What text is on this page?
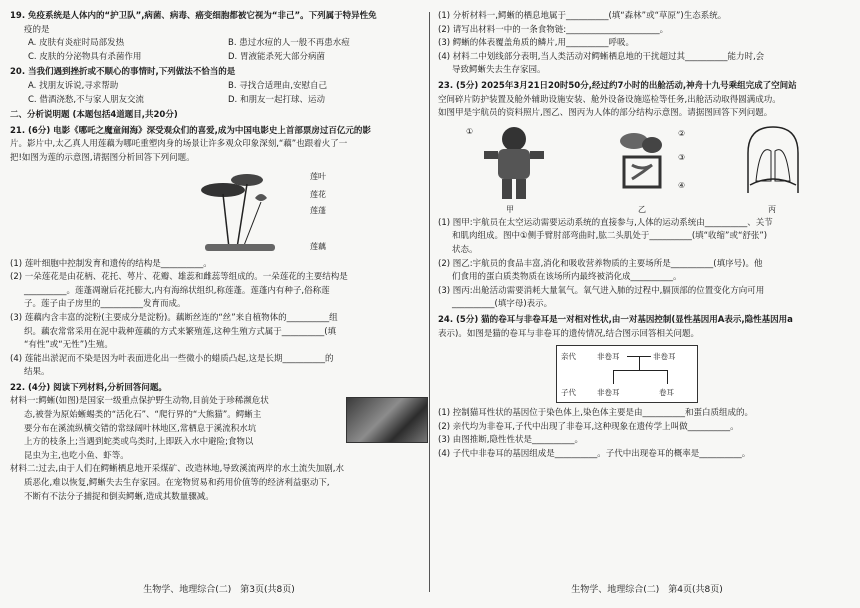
19. 免疫系统是人体内的“护卫队”,病菌、病毒、癌变细胞都被它视为“非己”。下列属于特异性免
疫的是
A. 皮肤有炎症时局部发热	B. 患过水痘的人一般不再患水痘
C. 皮肤的分泌物具有杀菌作用	D. 胃液能杀死大部分病菌
20. 当我们遇到挫折或不顺心的事情时,下列做法不恰当的是
A. 找朋友诉说,寻求帮助	B. 寻找合适理由,安慰自己
C. 借酒浇愁,不与家人朋友交流	D. 和朋友一起打球、运动
二、分析说明题 (本题包括4道题目,共20分)
21. (6分) 电影《哪吒之魔童闹海》深受观众们的喜爱,成为中国电影史上首部票房过百亿元的影
片。影片中,太乙真人用莲藕为哪吒重塑肉身的场景让许多观众印象深刻,“藕”也跟着火了一
把!如图为莲的示意图,请据图分析回答下列问题。
莲叶
莲花
莲蓬
莲藕
(1) 莲叶细胞中控制发育和遗传的结构是__________。
(2) 一朵莲花是由花柄、花托、萼片、花瓣、雄蕊和雌蕊等组成的。一朵莲花的主要结构是
__________。莲蓬凋谢后花托膨大,内有海绵状组织,称莲蓬。莲蓬内有种子,俗称莲
子。莲子由子房里的__________发育而成。
(3) 莲藕内含丰富的淀粉(主要成分是淀粉)。藕断丝连的“丝”来自植物体的__________组
织。藕农常常采用在泥中栽种莲藕的方式来繁殖莲,这种生殖方式属于__________(填
“有性”或“无性”)生殖。
(4) 莲能出淤泥而不染是因为叶表面进化出一些微小的蜡质凸起,这是长期__________的
结果。
22. (4分) 阅读下列材料,分析回答问题。
材料一:鳄蜥(如图)是国家一级重点保护野生动物,目前处于珍稀濒危状
态,被誉为原始蜥蜴类的“活化石”、“爬行界的“大熊猫”。鳄蜥主
要分布在溪流纵横交错的常绿阔叶林地区,常栖息于溪流积水坑
上方的枝条上;当遇到蛇类或鸟类时,上即跃入水中避险;食物以
昆虫为主,也吃小鱼、虾等。
材料二:过去,由于人们在鳄蜥栖息地开采煤矿、改造林地,导致溪流两岸的水土流失加剧,水
质恶化,难以恢复,鳄蜥失去生存家园。在宠物贸易和药用价值等的经济利益驱动下,
不断有不法分子捕捉和倒卖鳄蜥,造成其数量骤减。
生物学、地理综合(二)　第3页(共8页)
(1) 分析材料一,鳄蜥的栖息地属于__________(填“森林”或“草原”)生态系统。
(2) 请写出材料一中的一条食物链:______________________。
(3) 鳄蜥的体表覆盖角质的鳞片,用__________呼吸。
(4) 材料二中划线部分表明,当人类活动对鳄蜥栖息地的干扰超过其__________能力时,会
导致鳄蜥失去生存家园。
23. (5分) 2025年3月21日20时50分,经过约7小时的出舱活动,神舟十九号乘组完成了空间站
空间碎片防护装置及舱外辅助设施安装、舱外设备设施巡检等任务,出舱活动取得圆满成功。
如图甲是宇航员的资料照片,图乙、图丙为人体的部分结构示意图。请据图回答下列问题。
①
甲
②
③
④
乙	丙
(1) 图甲:宇航员在太空运动需要运动系统的直接参与,人体的运动系统由__________、关节
和肌肉组成。图中①侧手臂肘部弯曲时,肱二头肌处于__________(填“收缩”或“舒张”)
状态。
(2) 图乙:宇航员的食品丰富,消化和吸收营养物质的主要场所是__________(填序号)。他
们食用的蛋白质类物质在该场所内最终被消化成__________。
(3) 图丙:出舱活动需要消耗大量氧气。氧气进入肺的过程中,膈顶部的位置变化方向可用
__________(填字母)表示。
24. (5分) 猫的卷耳与非卷耳是一对相对性状,由一对基因控制(显性基因用A表示,隐性基因用a
表示)。如图是猫的卷耳与非卷耳的遗传情况,结合图示回答相关问题。
亲代	非卷耳	非卷耳
子代	非卷耳	卷耳
(1) 控制猫耳性状的基因位于染色体上,染色体主要是由__________和蛋白质组成的。
(2) 亲代均为非卷耳,子代中出现了非卷耳,这种现象在遗传学上叫做__________。
(3) 由图推断,隐性性状是__________。
(4) 子代中非卷耳的基因组成是__________。子代中出现卷耳的概率是__________。
生物学、地理综合(二)　第4页(共8页)
